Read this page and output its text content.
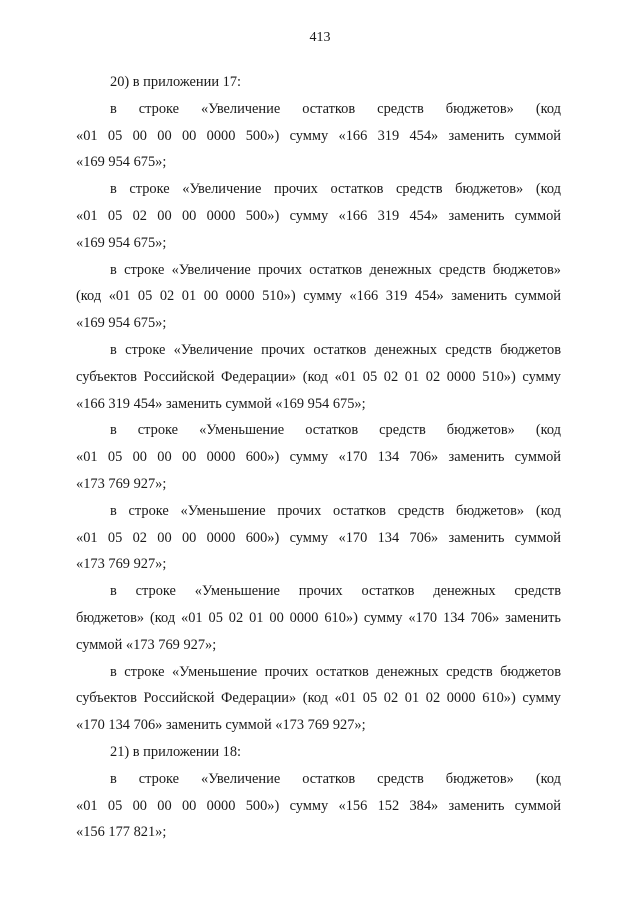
413

20) в приложении 17:

в строке «Увеличение остатков средств бюджетов» (код
«01 05 00 00 00 0000 500») сумму «166 319 454» заменить суммой
«169 954 675»;

в строке «Увеличение прочих остатков средств бюджетов» (код
«01 05 02 00 00 0000 500») сумму «166 319 454» заменить суммой
«169 954 675»;

в строке «Увеличение прочих остатков денежных средств бюджетов»
(код «01 05 02 01 00 0000 510») сумму «166 319 454» заменить суммой
«169 954 675»;

в строке «Увеличение прочих остатков денежных средств бюджетов
субъектов Российской Федерации» (код «01 05 02 01 02 0000 510») сумму
«166 319 454» заменить суммой «169 954 675»;

в строке «Уменьшение остатков средств бюджетов» (код
«01 05 00 00 00 0000 600») сумму «170 134 706» заменить суммой
«173 769 927»;

в строке «Уменьшение прочих остатков средств бюджетов» (код
«01 05 02 00 00 0000 600») сумму «170 134 706» заменить суммой
«173 769 927»;

в строке «Уменьшение прочих остатков денежных средств
бюджетов» (код «01 05 02 01 00 0000 610») сумму «170 134 706» заменить
суммой «173 769 927»;

в строке «Уменьшение прочих остатков денежных средств бюджетов
субъектов Российской Федерации» (код «01 05 02 01 02 0000 610») сумму
«170 134 706» заменить суммой «173 769 927»;

21) в приложении 18:

в строке «Увеличение остатков средств бюджетов» (код
«01 05 00 00 00 0000 500») сумму «156 152 384» заменить суммой
«156 177 821»;
